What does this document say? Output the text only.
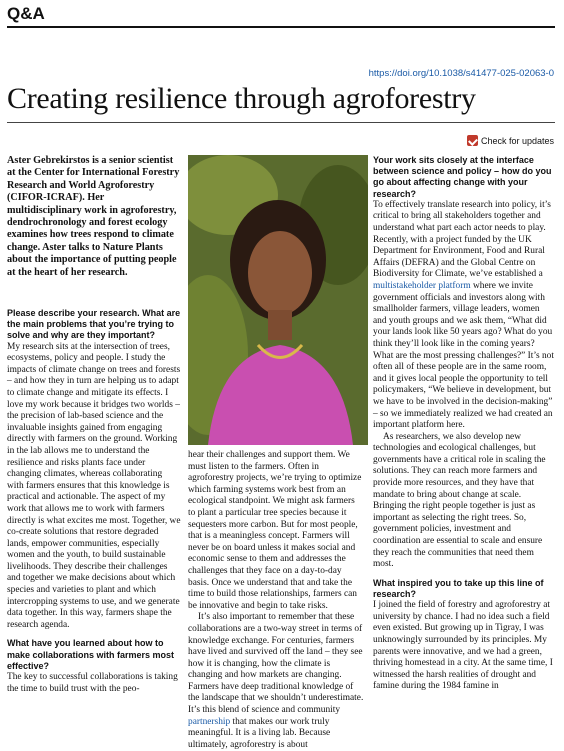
Q&A
https://doi.org/10.1038/s41477-025-02063-0
Creating resilience through agroforestry
Check for updates
Aster Gebrekirstos is a senior scientist at the Center for International Forestry Research and World Agroforestry (CIFOR-ICRAF). Her multidisciplinary work in agroforestry, dendrochronology and forest ecology examines how trees respond to climate change. Aster talks to Nature Plants about the importance of putting people at the heart of her research.

Please describe your research. What are the main problems that you’re trying to solve and why are they important?

My research sits at the intersection of trees, ecosystems, policy and people. I study the impacts of climate change on trees and forests – and how they in turn are helping us to adapt to climate change and mitigate its effects. I love my work because it bridges two worlds – the precision of lab-based science and the invaluable insights gained from engaging directly with farmers on the ground. Working in the lab allows me to understand the resilience and risks plants face under changing climates, whereas collaborating with farmers ensures that this knowledge is practical and actionable. The aspect of my work that allows me to work with farmers directly is what excites me most. Together, we co-create solutions that restore degraded lands, empower communities, especially women and the youth, to build sustainable livelihoods. They describe their challenges and together we make decisions about which species and varieties to plant and which intercropping systems to use, and we generate data together. In this way, farmers shape the research agenda.

What have you learned about how to make collaborations with farmers most effective?

The key to successful collaborations is taking the time to build trust with the peo-

hear their challenges and support them. We must listen to the farmers. Often in agroforestry projects, we’re trying to optimize which farming systems work best from an ecological standpoint. We might ask farmers to plant a particular tree species because it sequesters more carbon. But for most people, that is a meaningless concept. Farmers will never be on board unless it makes social and economic sense to them and addresses the challenges that they face on a day-to-day basis. Once we understand that and take the time to build those relationships, farmers can be innovative and begin to take risks.

It’s also important to remember that these collaborations are a two-way street in terms of knowledge exchange. For centuries, farmers have lived and survived off the land – they see how it is changing, how the climate is changing and how markets are changing. Farmers have deep traditional knowledge of the landscape that we shouldn’t underestimate. It’s this blend of science and community partnership that makes our work truly meaningful. It is a living lab. Because ultimately, agroforestry is about

Your work sits closely at the interface between science and policy – how do you go about affecting change with your research?

To effectively translate research into policy, it’s critical to bring all stakeholders together and understand what part each actor needs to play. Recently, with a project funded by the UK Department for Environment, Food and Rural Affairs (DEFRA) and the Global Centre on Biodiversity for Climate, we’ve established a multistakeholder platform where we invite government officials and investors along with smallholder farmers, village leaders, women and youth groups and we ask them, “What did your lands look like 50 years ago? What do you think they’ll look like in the coming years? What are the most pressing challenges?” It’s not often all of these people are in the same room, and it gives local people the opportunity to tell policymakers, “We believe in development, but we have to be involved in the decision-making” – so we immediately realized we had created an important platform here.

As researchers, we also develop new technologies and ecological challenges, but governments have a critical role in scaling the solutions. They can reach more farmers and provide more resources, and they have that mandate to bring about change at scale. Bringing the right people together is just as important as selecting the right trees. So, government policies, investment and coordination are essential to scale and ensure they reach the communities that need them most.

What inspired you to take up this line of research?

I joined the field of forestry and agroforestry at university by chance. I had no idea such a field even existed. But growing up in Tigray, I was unknowingly surrounded by its principles. My parents were innovative, and we had a green, thriving homestead in a city. At the same time, I witnessed the harsh realities of drought and famine during the 1984 famine in
